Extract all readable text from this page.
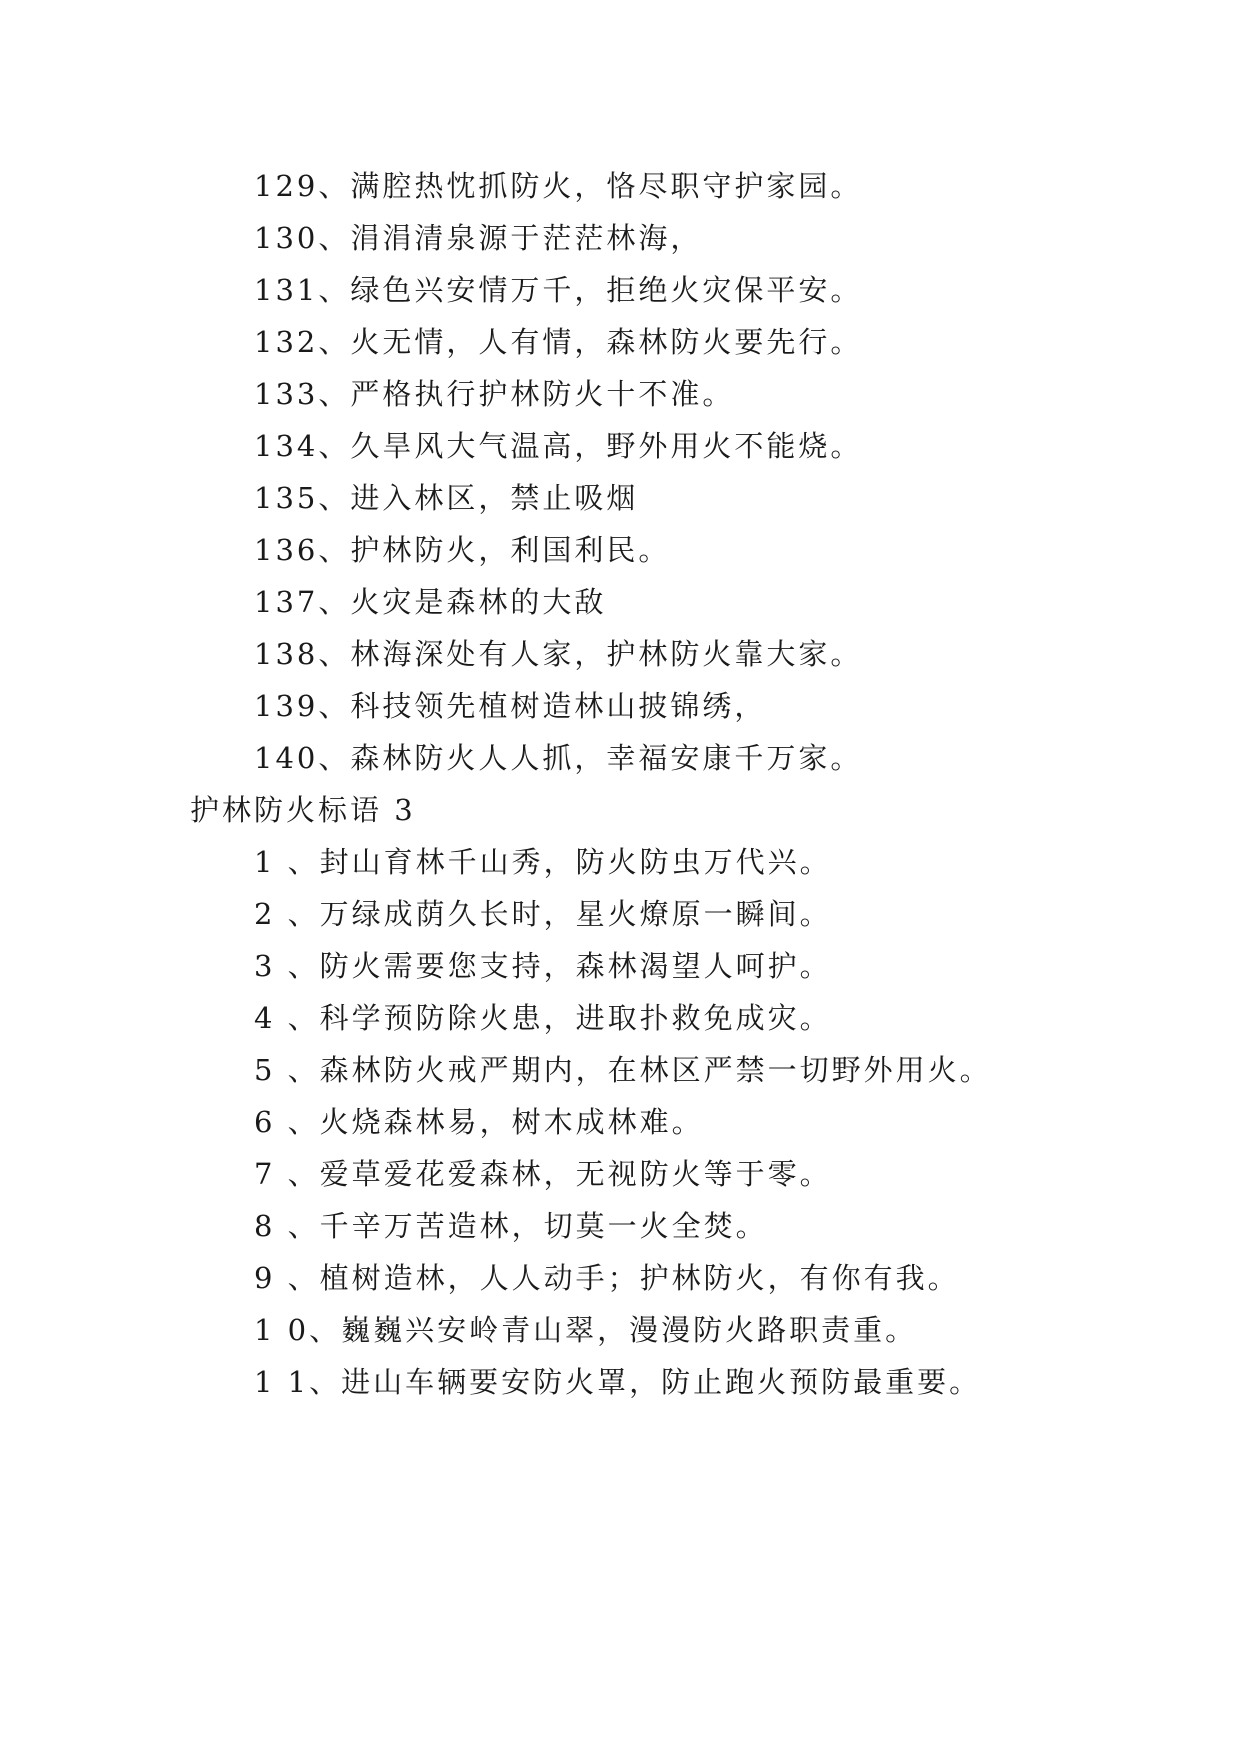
129、满腔热忱抓防火，恪尽职守护家园。
130、涓涓清泉源于茫茫林海，
131、绿色兴安情万千，拒绝火灾保平安。
132、火无情，人有情，森林防火要先行。
133、严格执行护林防火十不准。
134、久旱风大气温高，野外用火不能烧。
135、进入林区，禁止吸烟
136、护林防火，利国利民。
137、火灾是森林的大敌
138、林海深处有人家，护林防火靠大家。
139、科技领先植树造林山披锦绣，
140、森林防火人人抓，幸福安康千万家。
护林防火标语 3
1 、封山育林千山秀，防火防虫万代兴。
2 、万绿成荫久长时，星火燎原一瞬间。
3 、防火需要您支持，森林渴望人呵护。
4 、科学预防除火患，进取扑救免成灾。
5 、森林防火戒严期内，在林区严禁一切野外用火。
6 、火烧森林易，树木成林难。
7 、爱草爱花爱森林，无视防火等于零。
8 、千辛万苦造林，切莫一火全焚。
9 、植树造林，人人动手；护林防火，有你有我。
1 0、巍巍兴安岭青山翠，漫漫防火路职责重。
1 1、进山车辆要安防火罩，防止跑火预防最重要。
